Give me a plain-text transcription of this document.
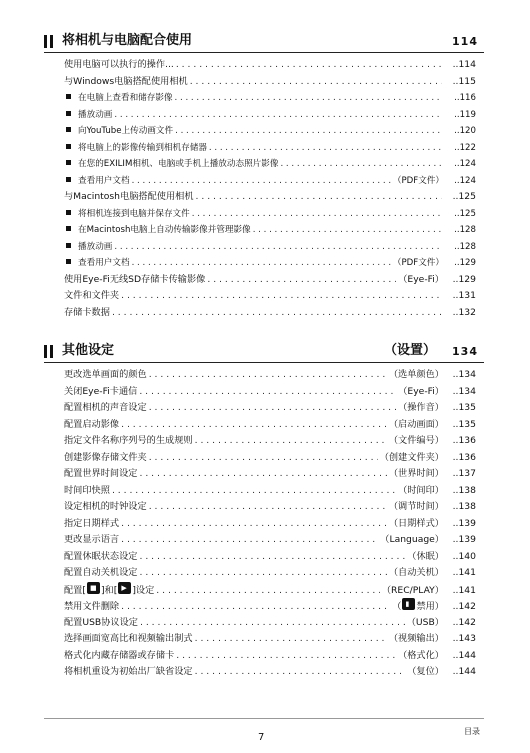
将相机与电脑配合使用	114
使用电脑可以执行的操作... . . .	..114
与Windows电脑搭配使用相机 . . .	..115
在电脑上查看和储存影像 . . .	..116
播放动画 . . .	..119
向YouTube上传动画文件 . . .	..120
将电脑上的影像传输到相机存储器 . . .	..122
在您的EXILIM相机、电脑或手机上播放动态照片影像 . . .	..124
查看用户文档 . . .	（PDF文件）	..124
与Macintosh电脑搭配使用相机 . . .	..125
将相机连接到电脑并保存文件 . . .	..125
在Macintosh电脑上自动传输影像并管理影像 . . .	..128
播放动画 . . .	..128
查看用户文档 . . .	（PDF文件）	..129
使用Eye-Fi无线SD存储卡传输影像 . . .	（Eye-Fi） ..129
文件和文件夹 . . .	..131
存储卡数据 . . .	..132
其他设定	（设置） 134
更改选单画面的颜色 . . .	（选单颜色） ..134
关闭Eye-Fi卡通信 . . .	（Eye-Fi） ..134
配置相机的声音设定 . . .	（操作音） ..135
配置启动影像 . . .	（启动画面） ..135
指定文件名称序列号的生成规则 . . .	（文件编号） ..136
创建影像存储文件夹 . . .	（创建文件夹） ..136
配置世界时间设定 . . .	（世界时间） ..137
时间印快照 . . .	（时间印） ..138
设定相机的时钟设定 . . .	（调节时间） ..138
指定日期样式 . . .	（日期样式） ..139
更改显示语言 . . .	（Language） ..139
配置休眠状态设定 . . .	（休眠） ..140
配置自动关机设定 . . .	（自动关机） ..141
配置[ ■ ]和[ ▶ ]设定 . . .	（REC/PLAY） ..141
禁用文件删除 . . .	（ ▮ 禁用） ..142
配置USB协议设定 . . .	（USB） ..142
选择画面宽高比和视频输出制式 . . .	（视频输出） ..143
格式化内藏存储器或存储卡 . . .	（格式化） ..144
将相机重设为初始出厂缺省设定 . . .	（复位） ..144
7
目录
